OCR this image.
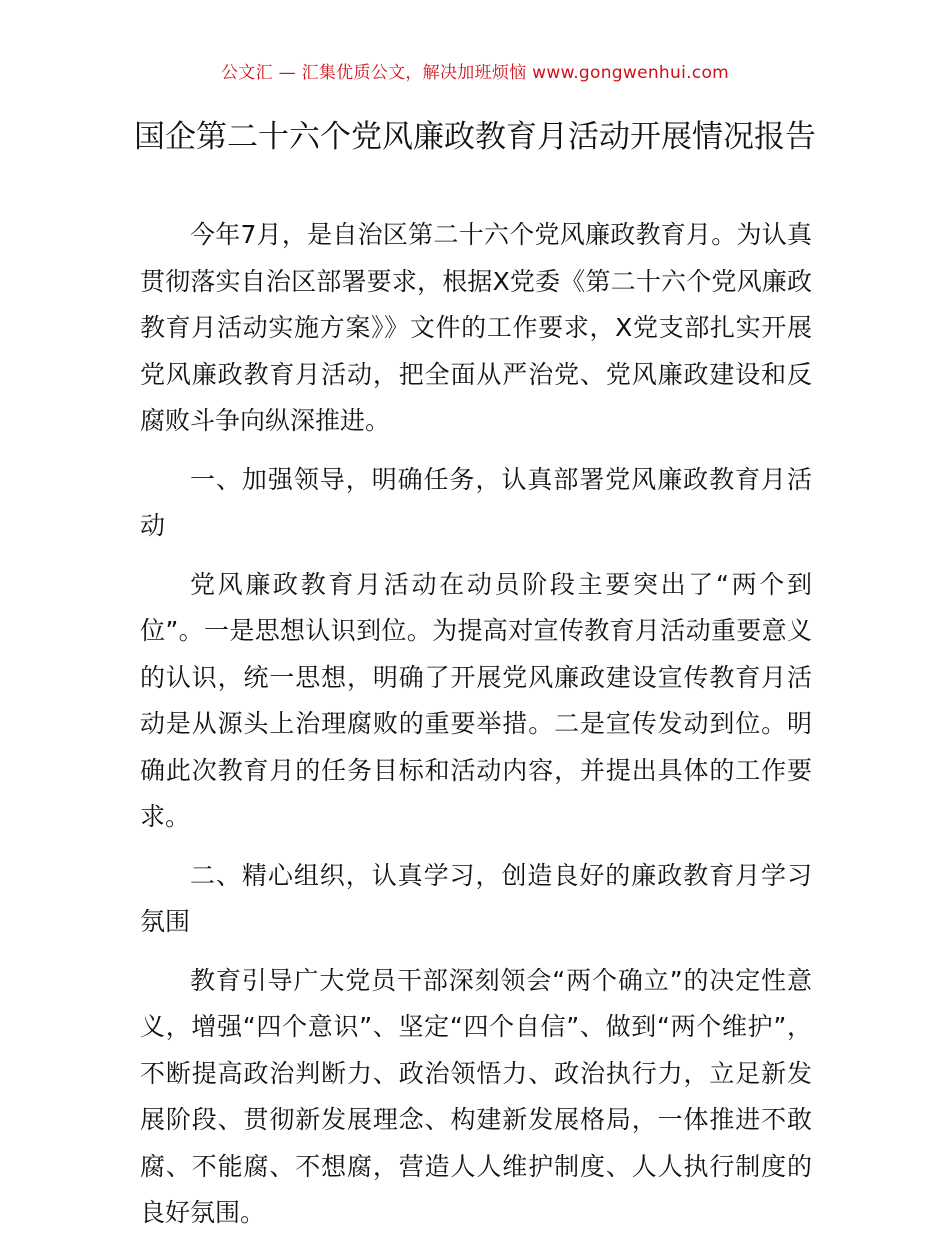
公文汇 — 汇集优质公文，解决加班烦恼 www.gongwenhui.com
国企第二十六个党风廉政教育月活动开展情况报告

今年7月，是自治区第二十六个党风廉政教育月。为认真贯彻落实自治区部署要求，根据X党委《第二十六个党风廉政教育月活动实施方案》》文件的工作要求，X党支部扎实开展党风廉政教育月活动，把全面从严治党、党风廉政建设和反腐败斗争向纵深推进。

一、加强领导，明确任务，认真部署党风廉政教育月活动

党风廉政教育月活动在动员阶段主要突出了“两个到位”。一是思想认识到位。为提高对宣传教育月活动重要意义的认识，统一思想，明确了开展党风廉政建设宣传教育月活动是从源头上治理腐败的重要举措。二是宣传发动到位。明确此次教育月的任务目标和活动内容，并提出具体的工作要求。

二、精心组织，认真学习，创造良好的廉政教育月学习氛围

教育引导广大党员干部深刻领会“两个确立”的决定性意义，增强“四个意识”、坚定“四个自信”、做到“两个维护”，不断提高政治判断力、政治领悟力、政治执行力，立足新发展阶段、贯彻新发展理念、构建新发展格局，一体推进不敢腐、不能腐、不想腐，营造人人维护制度、人人执行制度的良好氛围。
